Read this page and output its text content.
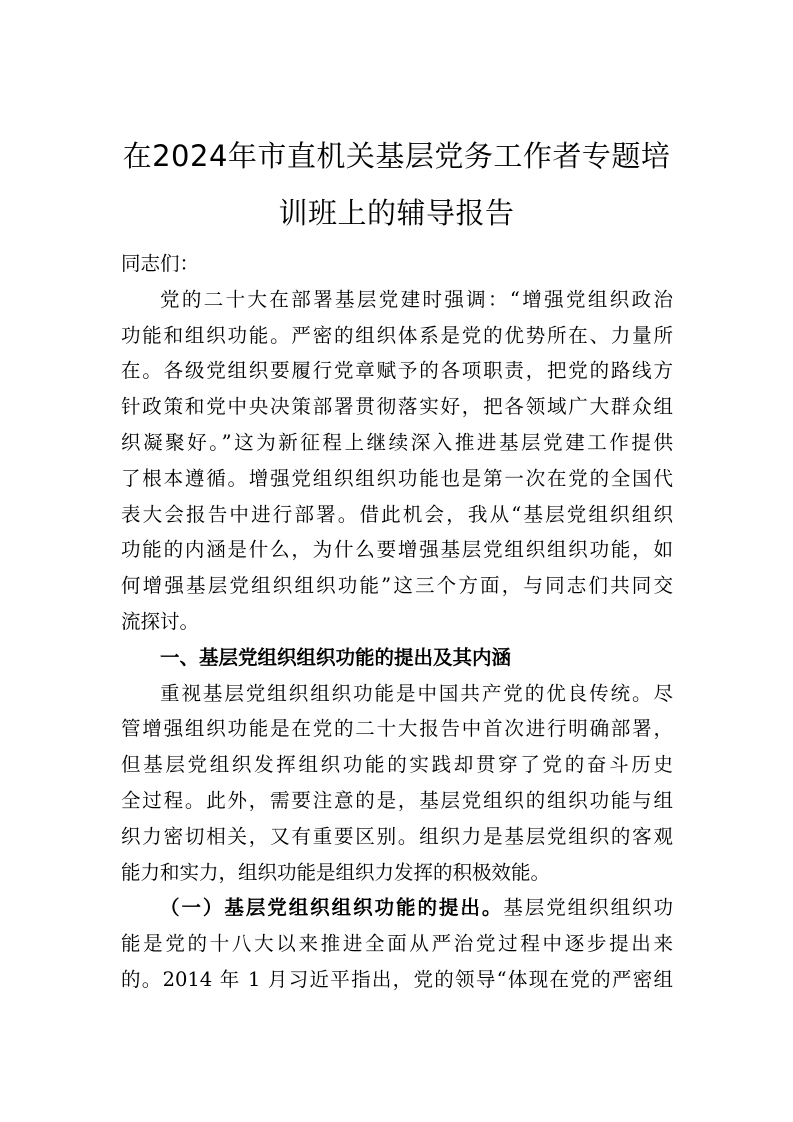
在2024年市直机关基层党务工作者专题培
训班上的辅导报告
同志们：
党的二十大在部署基层党建时强调：“增强党组织政治
功能和组织功能。严密的组织体系是党的优势所在、力量所
在。各级党组织要履行党章赋予的各项职责，把党的路线方
针政策和党中央决策部署贯彻落实好，把各领域广大群众组
织凝聚好。”这为新征程上继续深入推进基层党建工作提供
了根本遵循。增强党组织组织功能也是第一次在党的全国代
表大会报告中进行部署。借此机会，我从“基层党组织组织
功能的内涵是什么，为什么要增强基层党组织组织功能，如
何增强基层党组织组织功能”这三个方面，与同志们共同交
流探讨。
一、基层党组织组织功能的提出及其内涵
重视基层党组织组织功能是中国共产党的优良传统。尽
管增强组织功能是在党的二十大报告中首次进行明确部署，
但基层党组织发挥组织功能的实践却贯穿了党的奋斗历史
全过程。此外，需要注意的是，基层党组织的组织功能与组
织力密切相关，又有重要区别。组织力是基层党组织的客观
能力和实力，组织功能是组织力发挥的积极效能。
（一）基层党组织组织功能的提出。基层党组织组织功
能是党的十八大以来推进全面从严治党过程中逐步提出来
的。2014 年 1 月习近平指出，党的领导“体现在党的严密组
